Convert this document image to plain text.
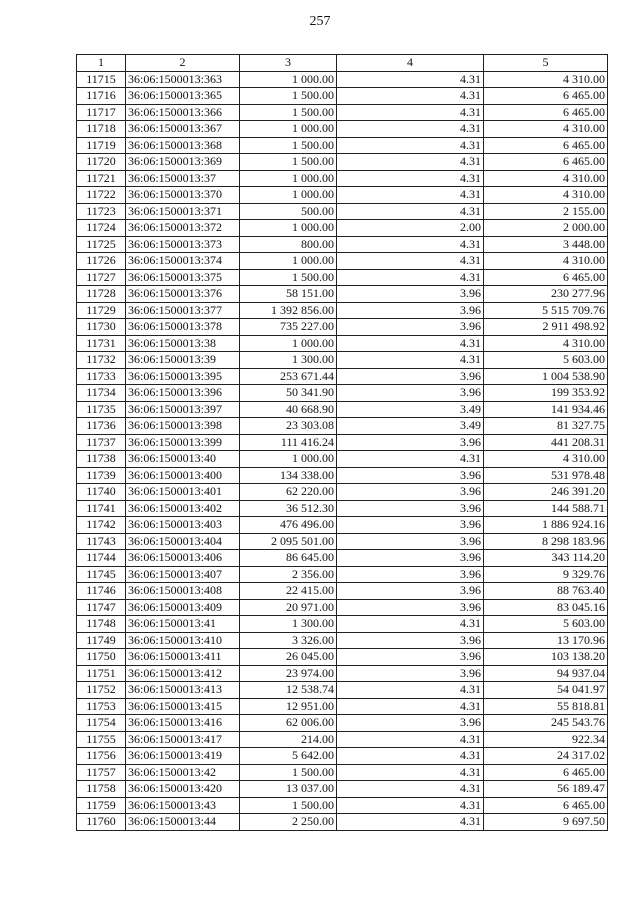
257
1	2	3	4	5
11715	36:06:1500013:363	1 000.00	4.31	4 310.00
11716	36:06:1500013:365	1 500.00	4.31	6 465.00
11717	36:06:1500013:366	1 500.00	4.31	6 465.00
11718	36:06:1500013:367	1 000.00	4.31	4 310.00
11719	36:06:1500013:368	1 500.00	4.31	6 465.00
11720	36:06:1500013:369	1 500.00	4.31	6 465.00
11721	36:06:1500013:37	1 000.00	4.31	4 310.00
11722	36:06:1500013:370	1 000.00	4.31	4 310.00
11723	36:06:1500013:371	500.00	4.31	2 155.00
11724	36:06:1500013:372	1 000.00	2.00	2 000.00
11725	36:06:1500013:373	800.00	4.31	3 448.00
11726	36:06:1500013:374	1 000.00	4.31	4 310.00
11727	36:06:1500013:375	1 500.00	4.31	6 465.00
11728	36:06:1500013:376	58 151.00	3.96	230 277.96
11729	36:06:1500013:377	1 392 856.00	3.96	5 515 709.76
11730	36:06:1500013:378	735 227.00	3.96	2 911 498.92
11731	36:06:1500013:38	1 000.00	4.31	4 310.00
11732	36:06:1500013:39	1 300.00	4.31	5 603.00
11733	36:06:1500013:395	253 671.44	3.96	1 004 538.90
11734	36:06:1500013:396	50 341.90	3.96	199 353.92
11735	36:06:1500013:397	40 668.90	3.49	141 934.46
11736	36:06:1500013:398	23 303.08	3.49	81 327.75
11737	36:06:1500013:399	111 416.24	3.96	441 208.31
11738	36:06:1500013:40	1 000.00	4.31	4 310.00
11739	36:06:1500013:400	134 338.00	3.96	531 978.48
11740	36:06:1500013:401	62 220.00	3.96	246 391.20
11741	36:06:1500013:402	36 512.30	3.96	144 588.71
11742	36:06:1500013:403	476 496.00	3.96	1 886 924.16
11743	36:06:1500013:404	2 095 501.00	3.96	8 298 183.96
11744	36:06:1500013:406	86 645.00	3.96	343 114.20
11745	36:06:1500013:407	2 356.00	3.96	9 329.76
11746	36:06:1500013:408	22 415.00	3.96	88 763.40
11747	36:06:1500013:409	20 971.00	3.96	83 045.16
11748	36:06:1500013:41	1 300.00	4.31	5 603.00
11749	36:06:1500013:410	3 326.00	3.96	13 170.96
11750	36:06:1500013:411	26 045.00	3.96	103 138.20
11751	36:06:1500013:412	23 974.00	3.96	94 937.04
11752	36:06:1500013:413	12 538.74	4.31	54 041.97
11753	36:06:1500013:415	12 951.00	4.31	55 818.81
11754	36:06:1500013:416	62 006.00	3.96	245 543.76
11755	36:06:1500013:417	214.00	4.31	922.34
11756	36:06:1500013:419	5 642.00	4.31	24 317.02
11757	36:06:1500013:42	1 500.00	4.31	6 465.00
11758	36:06:1500013:420	13 037.00	4.31	56 189.47
11759	36:06:1500013:43	1 500.00	4.31	6 465.00
11760	36:06:1500013:44	2 250.00	4.31	9 697.50
